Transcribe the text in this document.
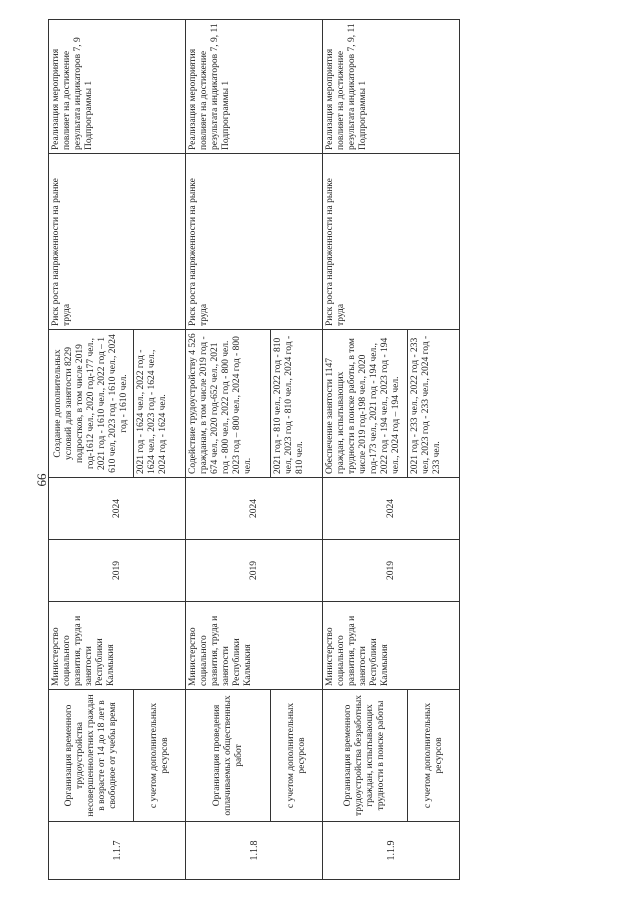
66
1.1.7	Организация временного трудоустройства несовершеннолетних граждан в возрасте от 14 до 18 лет в свободное от учебы время	Министерство социального развития, труда и занятости Республики Калмыкия	2019	2024	Создание дополнительных условий для занятости 8229 подростков, в том числе 2019 год-1612 чел., 2020 год-177 чел., 2021 год - 1610 чел., 2022 год – 1 610 чел, 2023 год - 1610 чел., 2024 год - 1610 чел.	Риск роста напряженности на рынке труда	Реализация мероприятия повлияет на достижение результата индикаторов 7, 9 Подпрограммы 1
	с учетом дополнительных ресурсов				2021 год - 1624 чел., 2022 год - 1624 чел., 2023 год - 1624 чел., 2024 год - 1624 чел.		
1.1.8	Организация проведения оплачиваемых общественных работ	Министерство социального развития, труда и занятости Республики Калмыкия	2019	2024	Содействие трудоустройству 4 526 гражданам, в том числе 2019 год - 674 чел., 2020 год-652 чел., 2021 год - 800 чел., 2022 год - 800 чел. 2023 год – 800 чел., 2024 год - 800 чел.	Риск роста напряженности на рынке труда	Реализация мероприятия повлияет на достижение результата индикаторов 7, 9, 11 Подпрограммы 1
	с учетом дополнительных ресурсов				2021 год - 810 чел., 2022 год - 810 чел, 2023 год - 810 чел., 2024 год - 810 чел.		
1.1.9	Организация временного трудоустройства безработных граждан, испытывающих трудности в поиске работы	Министерство социального развития, труда и занятости Республики Калмыкия	2019	2024	Обеспечение занятости 1147 граждан, испытывающих трудности в поиске работы, в том числе 2019 год-198 чел., 2020 год-173 чел., 2021 год - 194 чел., 2022 год - 194 чел., 2023 год - 194 чел., 2024 год – 194 чел.	Риск роста напряженности на рынке труда	Реализация мероприятия повлияет на достижение результата индикаторов 7, 9, 11 Подпрограммы 1
	с учетом дополнительных ресурсов				2021 год - 233 чел., 2022 год - 233 чел, 2023 год - 233 чел., 2024 год - 233 чел.		
